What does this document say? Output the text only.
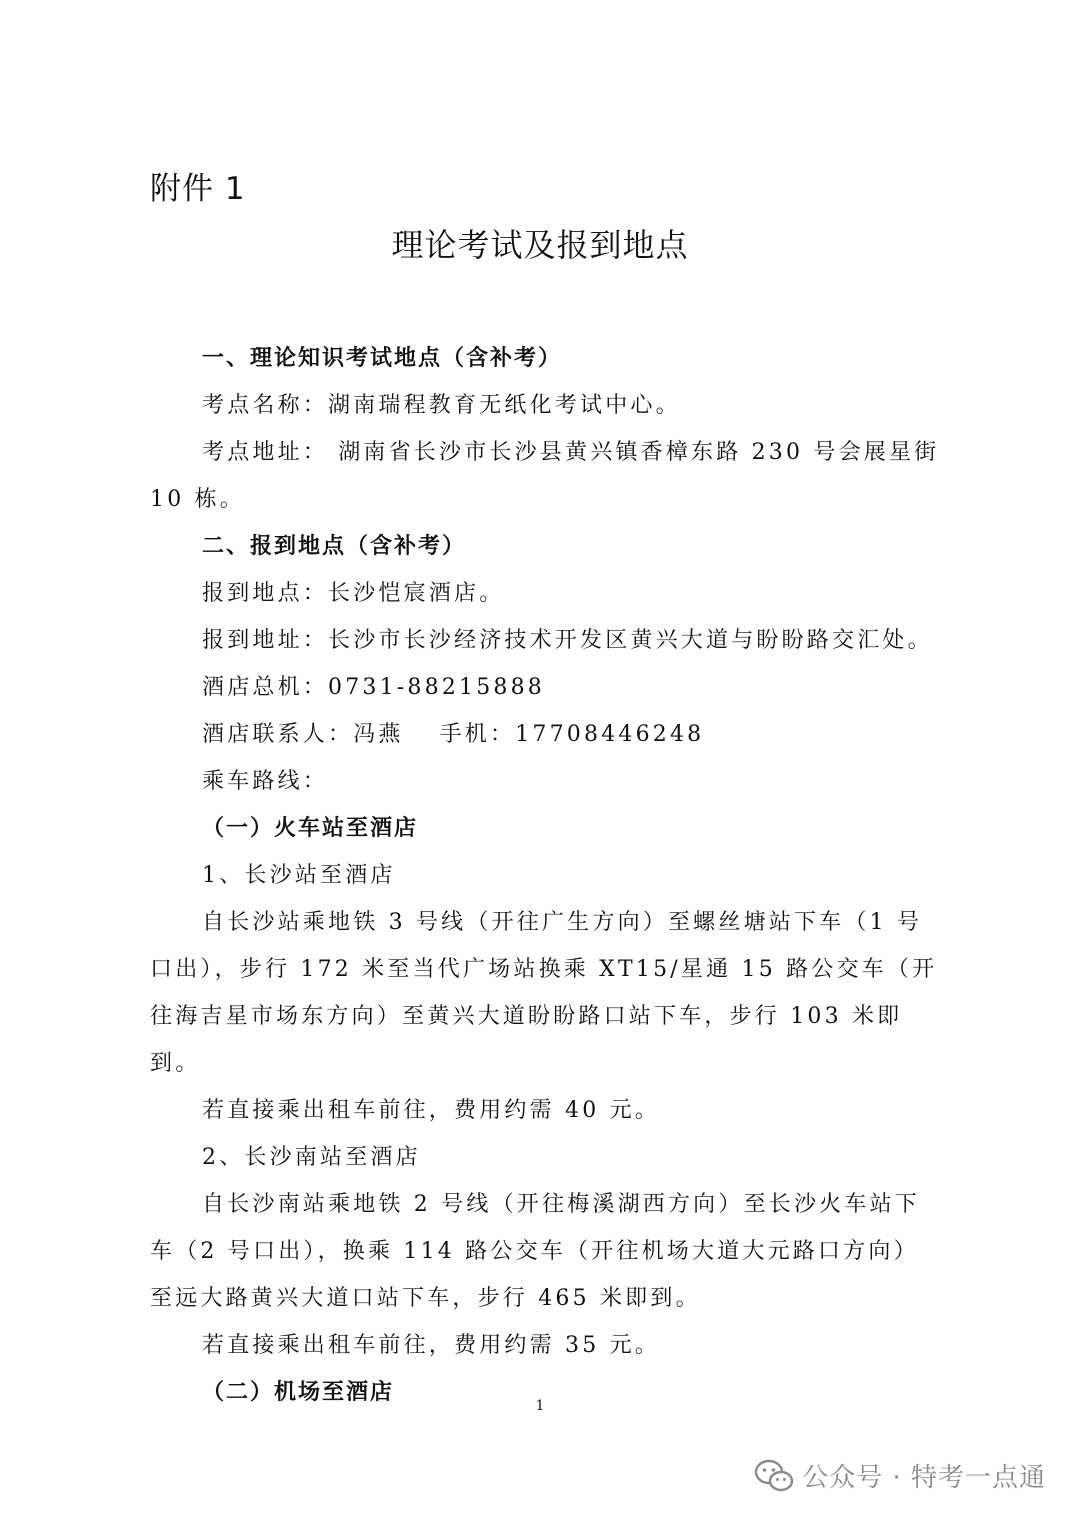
附件 1
理论考试及报到地点

一、理论知识考试地点（含补考）

考点名称：湖南瑞程教育无纸化考试中心。

考点地址： 湖南省长沙市长沙县黄兴镇香樟东路 230 号会展星街 10 栋。

二、报到地点（含补考）

报到地点：长沙恺宸酒店。

报到地址：长沙市长沙经济技术开发区黄兴大道与盼盼路交汇处。

酒店总机：0731-88215888

酒店联系人：冯燕 手机：17708446248

乘车路线：

（一）火车站至酒店

1、长沙站至酒店

自长沙站乘地铁 3 号线（开往广生方向）至螺丝塘站下车（1 号口出），步行 172 米至当代广场站换乘 XT15/星通 15 路公交车（开往海吉星市场东方向）至黄兴大道盼盼路口站下车，步行 103 米即到。

若直接乘出租车前往，费用约需 40 元。

2、长沙南站至酒店

自长沙南站乘地铁 2 号线（开往梅溪湖西方向）至长沙火车站下车（2 号口出），换乘 114 路公交车（开往机场大道大元路口方向）至远大路黄兴大道口站下车，步行 465 米即到。

若直接乘出租车前往，费用约需 35 元。

（二）机场至酒店

1
公众号 · 特考一点通
